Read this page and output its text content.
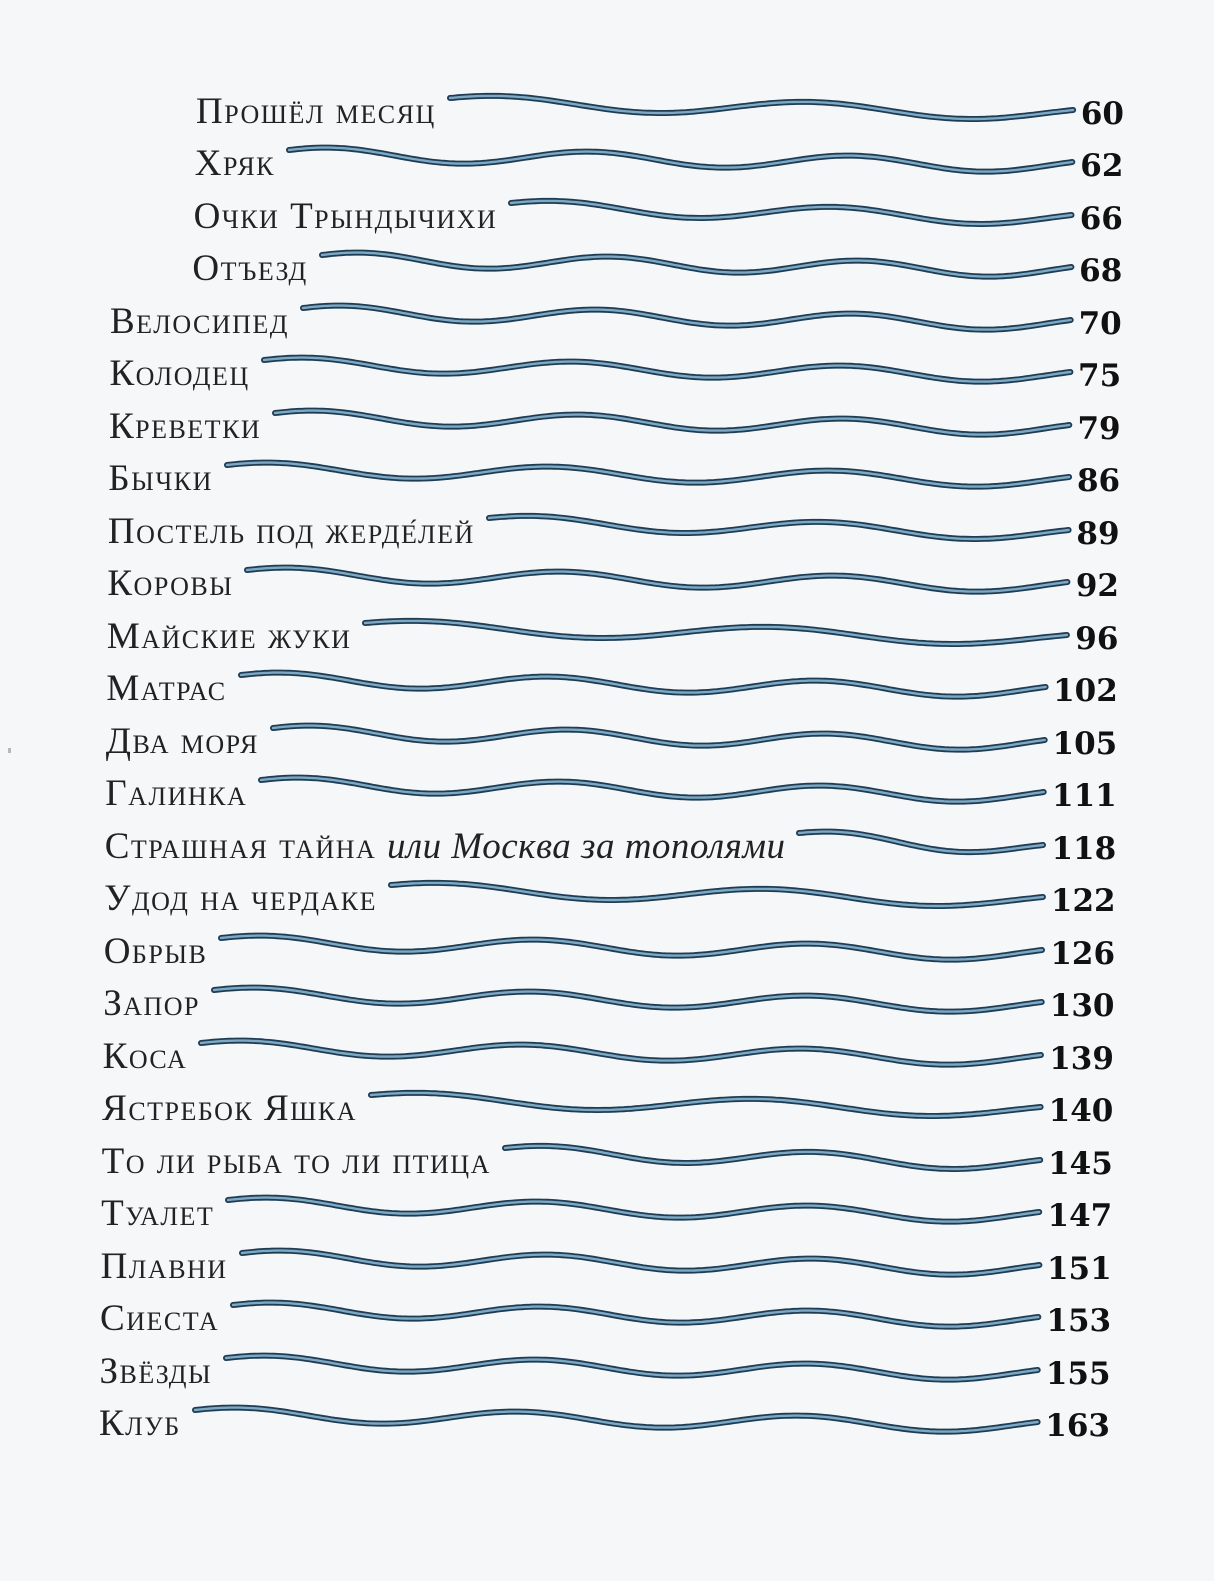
Прошёл месяц	60
Хряк	62
Очки Трындычихи	66
Отъезд	68
Велосипед	70
Колодец	75
Креветки	79
Бычки	86
Постель под жерде́лей	89
Коровы	92
Майские жуки	96
Матрас	102
Два моря	105
Галинка	111
Страшная тайна или Москва за тополями	118
Удод на чердаке	122
Обрыв	126
Запор	130
Коса	139
Ястребок Яшка	140
То ли рыба то ли птица	145
Туалет	147
Плавни	151
Сиеста	153
Звёзды	155
Клуб	163
